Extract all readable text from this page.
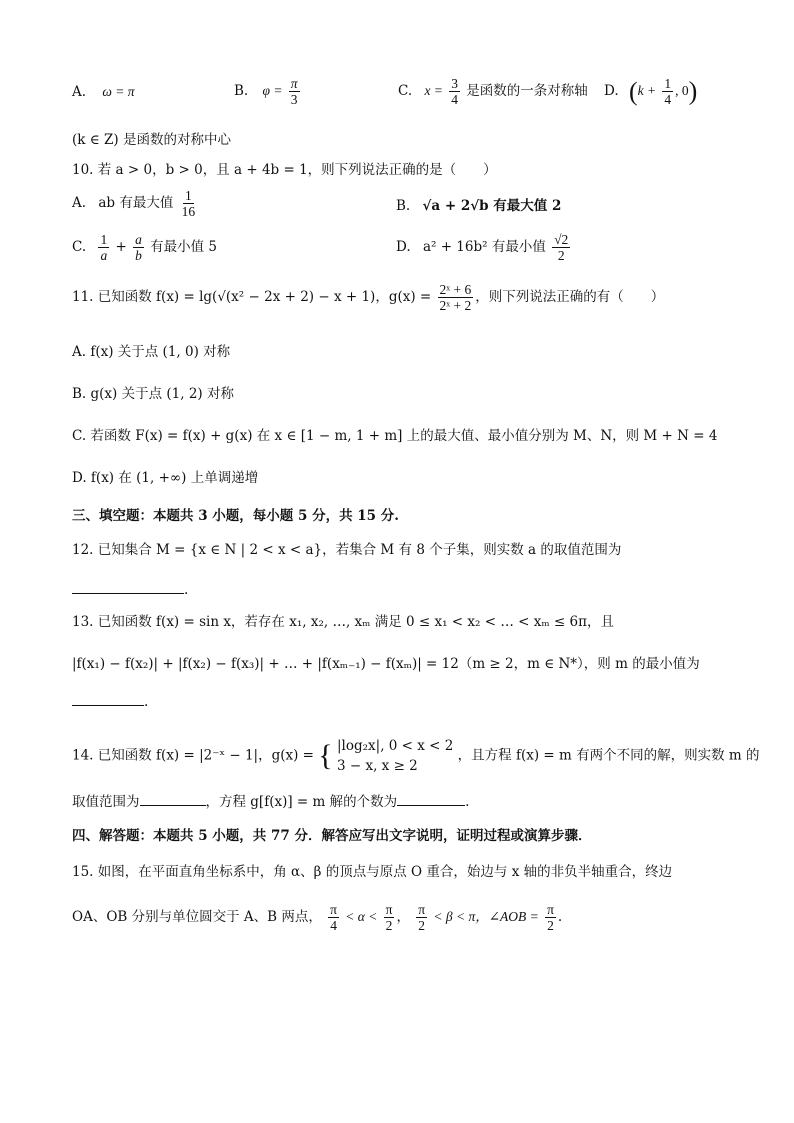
A. ω = π	B. $\varphi = \frac{\pi}{3}$	C. $x = \frac{3}{4}$ 是函数的一条对称轴 D. ($k + \frac{1}{4}$ , 0)
(k ∈ Z) 是函数的对称中心
10. 若 a > 0，b > 0，且 a + 4b = 1，则下列说法正确的是（　　）
A. ab 有最大值 $\frac{1}{16}$	B. √a + 2√b 有最大值 2
C. $\frac{1}{a} + \frac{a}{b}$ 有最小值 5	D. a² + 16b² 有最小值 $\frac{√2}{2}$
11. 已知函数 f(x) = lg(√(x² − 2x + 2) − x + 1)，$g(x) = \frac{\text{2ˣ + 6}}{\text{2ˣ + 2}}$ ，则下列说法正确的有（　　）
A. f(x) 关于点 (1, 0) 对称
B. g(x) 关于点 (1, 2) 对称
C. 若函数 F(x) = f(x) + g(x) 在 x ∈ [1 − m, 1 + m] 上的最大值、最小值分别为 M、N，则 M + N = 4
D. f(x) 在 (1, +∞) 上单调递增
三、填空题：本题共 3 小题，每小题 5 分，共 15 分.
12. 已知集合 M = {x ∈ N | 2 < x < a}，若集合 M 有 8 个子集，则实数 a 的取值范围为
.
13. 已知函数 f(x) = sin x，若存在 x₁, x₂, …, xₘ 满足 0 ≤ x₁ < x₂ < … < xₘ ≤ 6π，且
|f(x₁) − f(x₂)| + |f(x₂) − f(x₃)| + … + |f(xₘ₋₁) − f(xₘ)| = 12（m ≥ 2，m ∈ N*），则 m 的最小值为
.
14. 已知函数 f(x) = |2⁻ˣ − 1|，g(x) = { |log₂x|, 0 < x < 2
3 − x, x ≥ 2
，且方程 f(x) = m 有两个不同的解，则实数 m 的
取值范围为	，方程 g[f(x)] = m 解的个数为	.
四、解答题：本题共 5 小题，共 77 分．解答应写出文字说明，证明过程或演算步骤．
15. 如图，在平面直角坐标系中，角 α、β 的顶点与原点 O 重合，始边与 x 轴的非负半轴重合，终边
OA、OB 分别与单位圆交于 A、B 两点， $\frac{\pi}{4} < \alpha < \frac{\pi}{2}$ ， $\frac{\pi}{2} < \beta < \pi$，∠AOB = $\frac{\pi}{2}$ .
